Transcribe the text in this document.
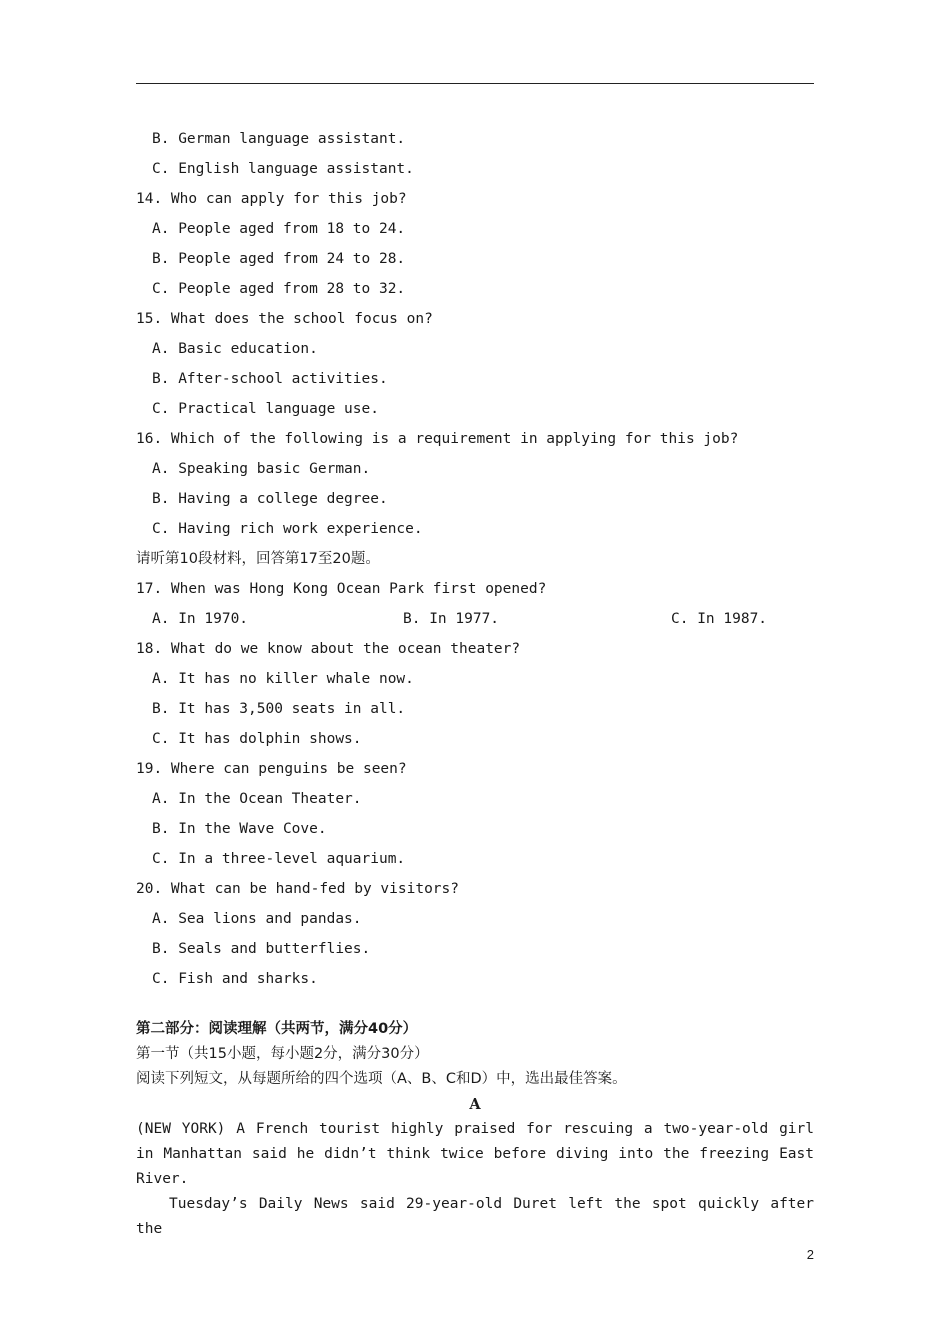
B. German language assistant.
C. English language assistant.
14. Who can apply for this job?
A. People aged from 18 to 24.
B. People aged from 24 to 28.
C. People aged from 28 to 32.
15. What does the school focus on?
A. Basic education.
B. After-school activities.
C. Practical language use.
16. Which of the following is a requirement in applying for this job?
A. Speaking basic German.
B. Having a college degree.
C. Having rich work experience.
请听第10段材料，回答第17至20题。
17. When was Hong Kong Ocean Park first opened?
A. In 1970.	B. In 1977.	C. In 1987.
18. What do we know about the ocean theater?
A. It has no killer whale now.
B. It has 3,500 seats in all.
C. It has dolphin shows.
19. Where can penguins be seen?
A. In the Ocean Theater.
B. In the Wave Cove.
C. In a three-level aquarium.
20. What can be hand-fed by visitors?
A. Sea lions and pandas.
B. Seals and butterflies.
C. Fish and sharks.
第二部分：阅读理解（共两节，满分40分）
第一节（共15小题，每小题2分，满分30分）
阅读下列短文，从每题所给的四个选项（A、B、C和D）中，选出最佳答案。
A
(NEW YORK) A French tourist highly praised for rescuing a two-year-old girl in Manhattan said he didn’t think twice before diving into the freezing East River.
Tuesday’s Daily News said 29-year-old Duret left the spot quickly after the
2
